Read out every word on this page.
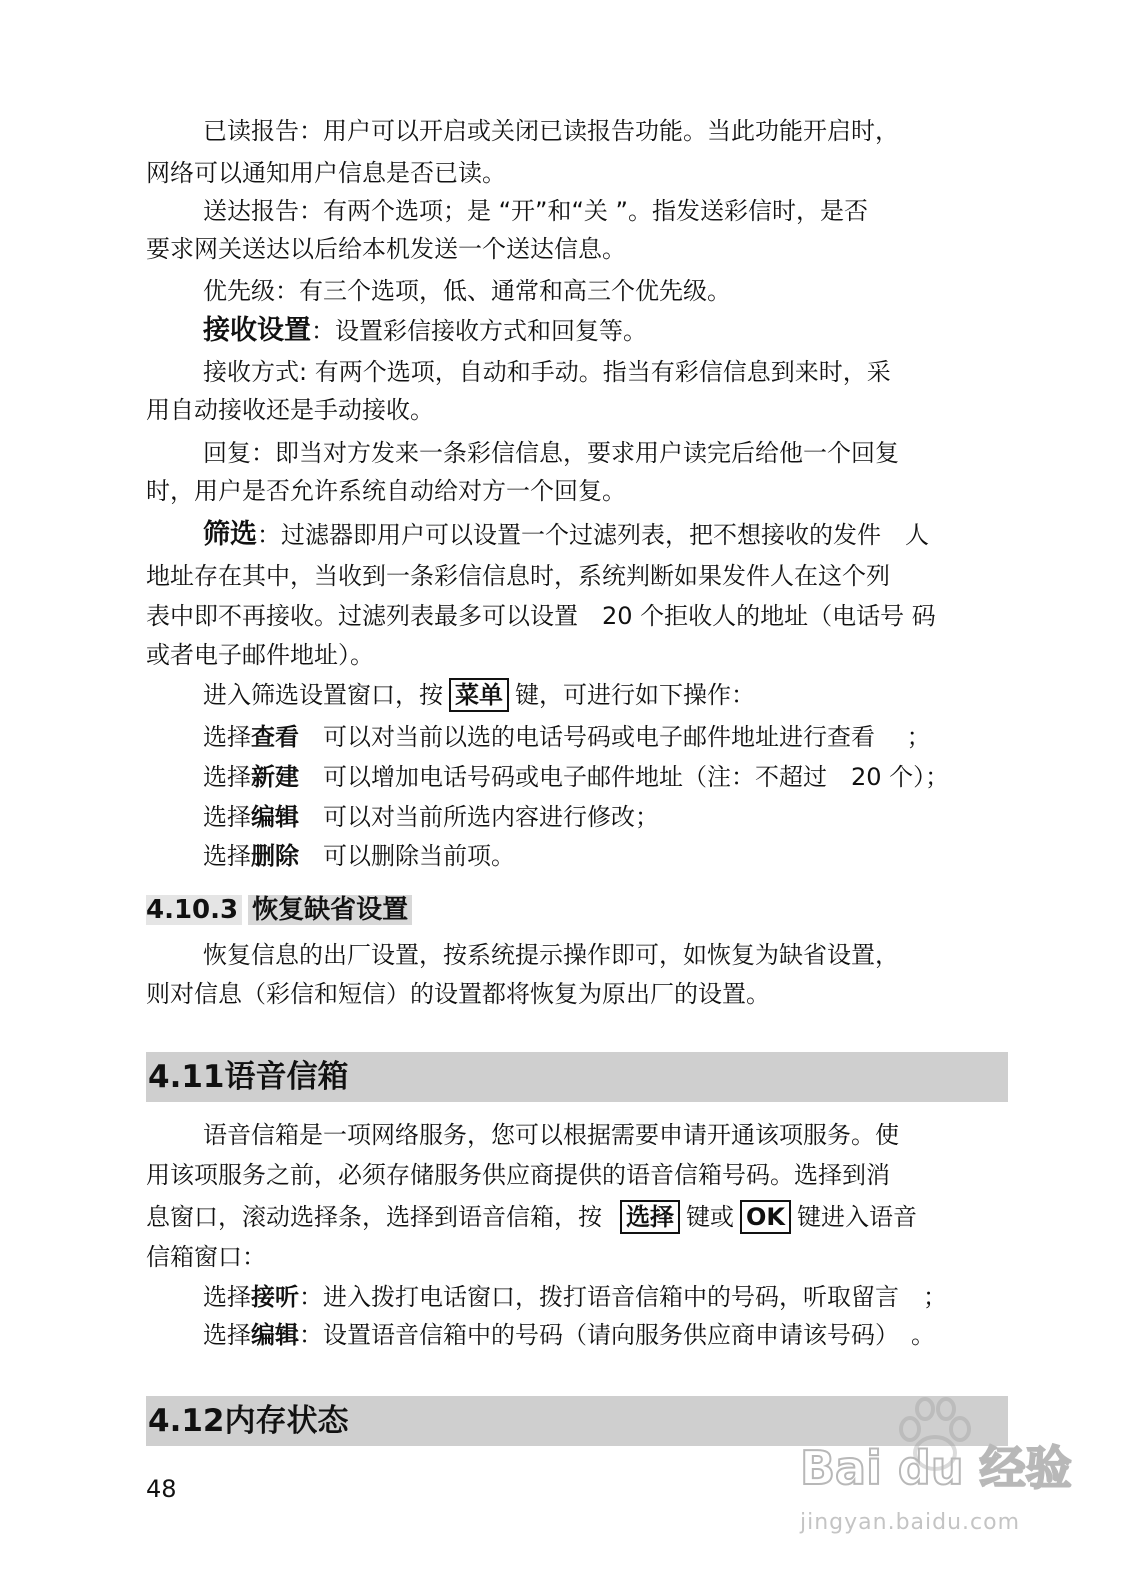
已读报告：用户可以开启或关闭已读报告功能。当此功能开启时，
网络可以通知用户信息是否已读。
送达报告：有两个选项；是 “开”和“关 ”。指发送彩信时，是否
要求网关送达以后给本机发送一个送达信息。
优先级：有三个选项，低、通常和高三个优先级。
接收设置：设置彩信接收方式和回复等。
接收方式: 有两个选项，自动和手动。指当有彩信信息到来时，采
用自动接收还是手动接收。
回复：即当对方发来一条彩信信息，要求用户读完后给他一个回复
时，用户是否允许系统自动给对方一个回复。
筛选：过滤器即用户可以设置一个过滤列表，把不想接收的发件　人
地址存在其中，当收到一条彩信信息时，系统判断如果发件人在这个列
表中即不再接收。过滤列表最多可以设置　20 个拒收人的地址（电话号 码
或者电子邮件地址）。
进入筛选设置窗口，按 菜单 键，可进行如下操作：
选择查看　 可以对当前以选的电话号码或电子邮件地址进行查看　 ；
选择新建　 可以增加电话号码或电子邮件地址（注：不超过　20 个）；
选择编辑　 可以对当前所选内容进行修改；
选择删除　 可以删除当前项。
4.10.3 恢复缺省设置
恢复信息的出厂设置，按系统提示操作即可，如恢复为缺省设置，
则对信息（彩信和短信）的设置都将恢复为原出厂的设置。
4.11语音信箱
语音信箱是一项网络服务，您可以根据需要申请开通该项服务。使
用该项服务之前，必须存储服务供应商提供的语音信箱号码。选择到消
息窗口，滚动选择条，选择到语音信箱，按 选择 键或 OK 键进入语音
信箱窗口：
选择接听：进入拨打电话窗口，拨打语音信箱中的号码，听取留言　；
选择编辑：设置语音信箱中的号码（请向服务供应商申请该号码）　。
4.12内存状态
48	Bai du 经验
jingyan.baidu.com
